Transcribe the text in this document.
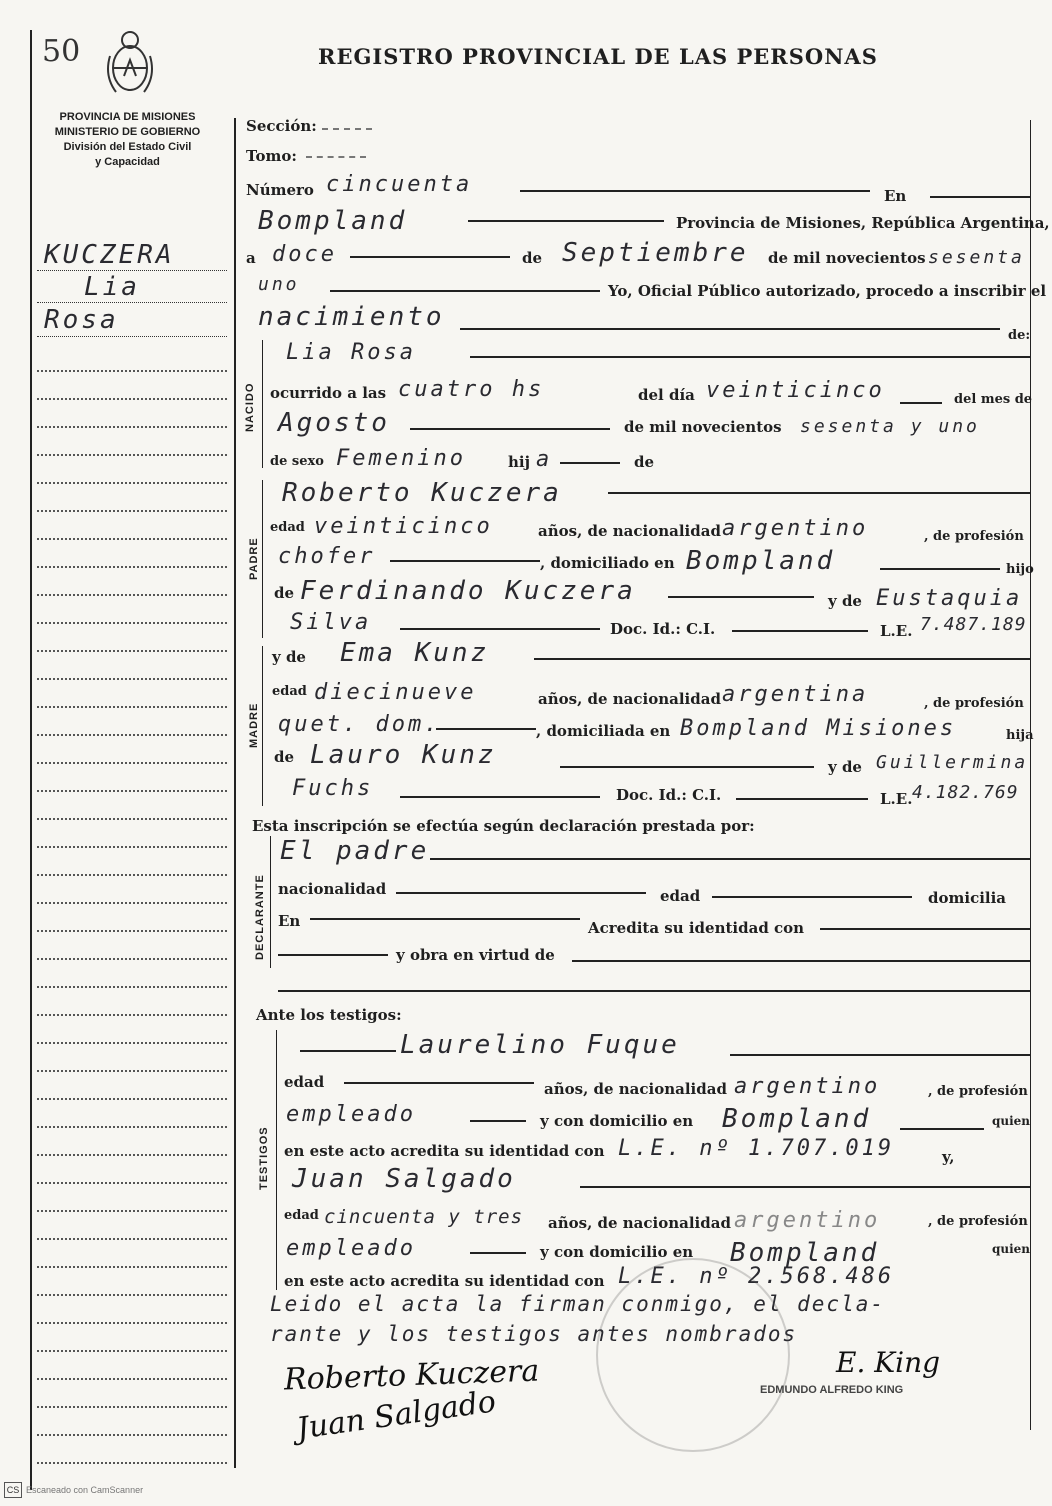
50	REGISTRO PROVINCIAL DE LAS PERSONAS
PROVINCIA DE MISIONES
MINISTERIO DE GOBIERNO
División del Estado Civil
y Capacidad
KUCZERA
Lia
Rosa
Sección:
Tomo:
Número cincuenta	En
Bompland	Provincia de Misiones, República Argentina,
a doce	de Septiembre de mil novecientos sesenta
uno	Yo, Oficial Público autorizado, procedo a inscribir el
nacimiento
de:
NACIDO
Lia Rosa
ocurrido a las cuatro hs	del día veinticinco	del mes de
Agosto	de mil novecientos sesenta y uno
de sexo Femenino	hij a	de
PADRE
Roberto Kuczera
edad veinticinco	años, de nacionalidad argentino	, de profesión
chofer	, domiciliado en Bompland	hijo
de Ferdinando Kuczera	y de Eustaquia
Silva	Doc. Id.: C.I.	L.E. 7.487.189
MADRE
y de Ema Kunz
edad diecinueve	años, de nacionalidad argentina	, de profesión
quet. dom.	, domiciliada en Bompland Misiones	hija
de Lauro Kunz	y de Guillermina
Fuchs	Doc. Id.: C.I.	L.E. 4.182.769
Esta inscripción se efectúa según declaración prestada por:
DECLARANTE
El padre
nacionalidad	edad	domicilia
En	Acredita su identidad con
y obra en virtud de
Ante los testigos:
TESTIGOS
Laurelino Fuque
edad	años, de nacionalidad argentino	, de profesión
empleado	y con domicilio en Bompland	quien
en este acto acredita su identidad con L.E. nº 1.707.019	y,
Juan Salgado
edad cincuenta y tres años, de nacionalidad argentino	, de profesión
empleado	y con domicilio en Bompland	quien
en este acto acredita su identidad con L.E. nº 2.568.486
Leido el acta la firman conmigo, el decla-
rante y los testigos antes nombrados
Roberto Kuczera
Juan Salgado
E. King
EDMUNDO ALFREDO KING
CS Escaneado con CamScanner
